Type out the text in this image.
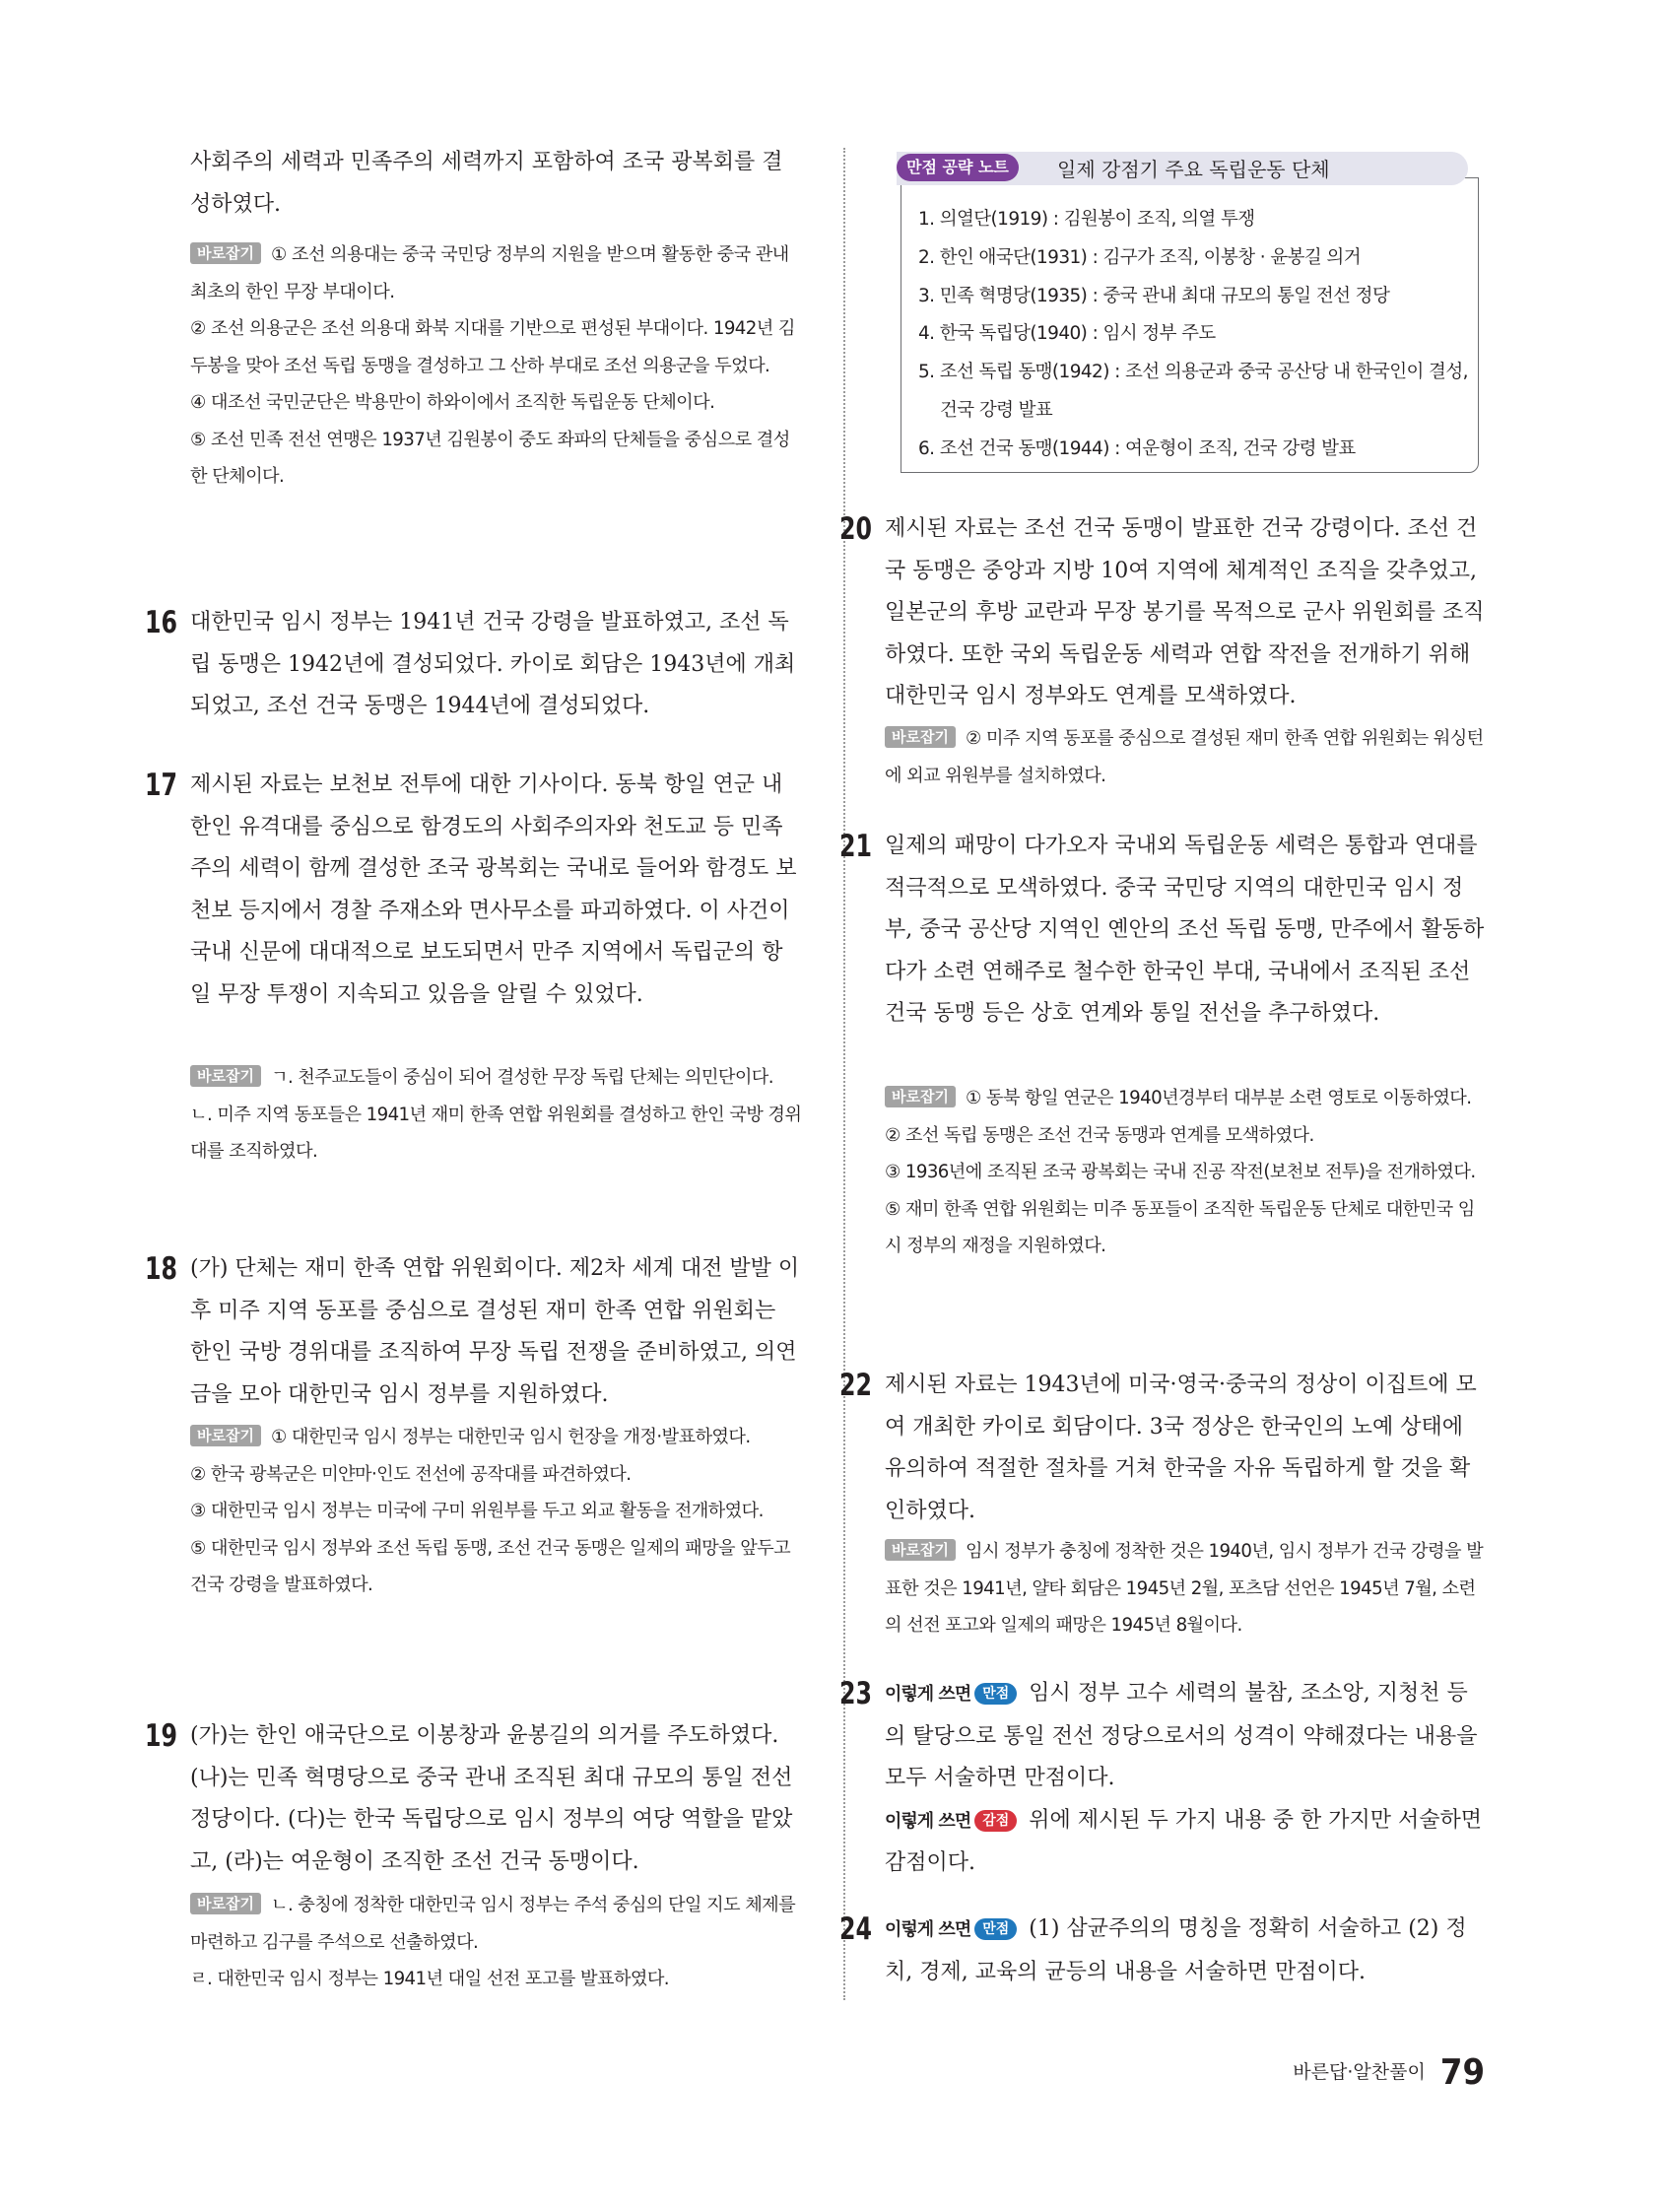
사회주의 세력과 민족주의 세력까지 포함하여 조국 광복회를 결성하였다.
바로잡기 ① 조선 의용대는 중국 국민당 정부의 지원을 받으며 활동한 중국 관내 최초의 한인 무장 부대이다.
② 조선 의용군은 조선 의용대 화북 지대를 기반으로 편성된 부대이다. 1942년 김두봉을 맞아 조선 독립 동맹을 결성하고 그 산하 부대로 조선 의용군을 두었다.
④ 대조선 국민군단은 박용만이 하와이에서 조직한 독립운동 단체이다.
⑤ 조선 민족 전선 연맹은 1937년 김원봉이 중도 좌파의 단체들을 중심으로 결성한 단체이다.
16 대한민국 임시 정부는 1941년 건국 강령을 발표하였고, 조선 독립 동맹은 1942년에 결성되었다. 카이로 회담은 1943년에 개최되었고, 조선 건국 동맹은 1944년에 결성되었다.
17 제시된 자료는 보천보 전투에 대한 기사이다. 동북 항일 연군 내 한인 유격대를 중심으로 함경도의 사회주의자와 천도교 등 민족주의 세력이 함께 결성한 조국 광복회는 국내로 들어와 함경도 보천보 등지에서 경찰 주재소와 면사무소를 파괴하였다. 이 사건이 국내 신문에 대대적으로 보도되면서 만주 지역에서 독립군의 항일 무장 투쟁이 지속되고 있음을 알릴 수 있었다.
바로잡기 ㄱ. 천주교도들이 중심이 되어 결성한 무장 독립 단체는 의민단이다.
ㄴ. 미주 지역 동포들은 1941년 재미 한족 연합 위원회를 결성하고 한인 국방 경위대를 조직하였다.
18 (가) 단체는 재미 한족 연합 위원회이다. 제2차 세계 대전 발발 이후 미주 지역 동포를 중심으로 결성된 재미 한족 연합 위원회는 한인 국방 경위대를 조직하여 무장 독립 전쟁을 준비하였고, 의연금을 모아 대한민국 임시 정부를 지원하였다.
바로잡기 ① 대한민국 임시 정부는 대한민국 임시 헌장을 개정·발표하였다.
② 한국 광복군은 미얀마·인도 전선에 공작대를 파견하였다.
③ 대한민국 임시 정부는 미국에 구미 위원부를 두고 외교 활동을 전개하였다.
⑤ 대한민국 임시 정부와 조선 독립 동맹, 조선 건국 동맹은 일제의 패망을 앞두고 건국 강령을 발표하였다.
19 (가)는 한인 애국단으로 이봉창과 윤봉길의 의거를 주도하였다. (나)는 민족 혁명당으로 중국 관내 조직된 최대 규모의 통일 전선 정당이다. (다)는 한국 독립당으로 임시 정부의 여당 역할을 맡았고, (라)는 여운형이 조직한 조선 건국 동맹이다.
바로잡기 ㄴ. 충칭에 정착한 대한민국 임시 정부는 주석 중심의 단일 지도 체제를 마련하고 김구를 주석으로 선출하였다.
ㄹ. 대한민국 임시 정부는 1941년 대일 선전 포고를 발표하였다.
만점 공략 노트	일제 강점기 주요 독립운동 단체
1. 의열단(1919) : 김원봉이 조직, 의열 투쟁
2. 한인 애국단(1931) : 김구가 조직, 이봉창 · 윤봉길 의거
3. 민족 혁명당(1935) : 중국 관내 최대 규모의 통일 전선 정당
4. 한국 독립당(1940) : 임시 정부 주도
5. 조선 독립 동맹(1942) : 조선 의용군과 중국 공산당 내 한국인이 결성, 건국 강령 발표
6. 조선 건국 동맹(1944) : 여운형이 조직, 건국 강령 발표
20 제시된 자료는 조선 건국 동맹이 발표한 건국 강령이다. 조선 건국 동맹은 중앙과 지방 10여 지역에 체계적인 조직을 갖추었고, 일본군의 후방 교란과 무장 봉기를 목적으로 군사 위원회를 조직하였다. 또한 국외 독립운동 세력과 연합 작전을 전개하기 위해 대한민국 임시 정부와도 연계를 모색하였다.
바로잡기 ② 미주 지역 동포를 중심으로 결성된 재미 한족 연합 위원회는 워싱턴에 외교 위원부를 설치하였다.
21 일제의 패망이 다가오자 국내외 독립운동 세력은 통합과 연대를 적극적으로 모색하였다. 중국 국민당 지역의 대한민국 임시 정부, 중국 공산당 지역인 옌안의 조선 독립 동맹, 만주에서 활동하다가 소련 연해주로 철수한 한국인 부대, 국내에서 조직된 조선 건국 동맹 등은 상호 연계와 통일 전선을 추구하였다.
바로잡기 ① 동북 항일 연군은 1940년경부터 대부분 소련 영토로 이동하였다.
② 조선 독립 동맹은 조선 건국 동맹과 연계를 모색하였다.
③ 1936년에 조직된 조국 광복회는 국내 진공 작전(보천보 전투)을 전개하였다.
⑤ 재미 한족 연합 위원회는 미주 동포들이 조직한 독립운동 단체로 대한민국 임시 정부의 재정을 지원하였다.
22 제시된 자료는 1943년에 미국·영국·중국의 정상이 이집트에 모여 개최한 카이로 회담이다. 3국 정상은 한국인의 노예 상태에 유의하여 적절한 절차를 거쳐 한국을 자유 독립하게 할 것을 확인하였다.
바로잡기 임시 정부가 충칭에 정착한 것은 1940년, 임시 정부가 건국 강령을 발표한 것은 1941년, 얄타 회담은 1945년 2월, 포츠담 선언은 1945년 7월, 소련의 선전 포고와 일제의 패망은 1945년 8월이다.
23 이렇게 쓰면 만점 임시 정부 고수 세력의 불참, 조소앙, 지청천 등의 탈당으로 통일 전선 정당으로서의 성격이 약해졌다는 내용을 모두 서술하면 만점이다.
이렇게 쓰면 감점 위에 제시된 두 가지 내용 중 한 가지만 서술하면 감점이다.
24 이렇게 쓰면 만점 (1) 삼균주의의 명칭을 정확히 서술하고 (2) 정치, 경제, 교육의 균등의 내용을 서술하면 만점이다.
바른답·알찬풀이 79
